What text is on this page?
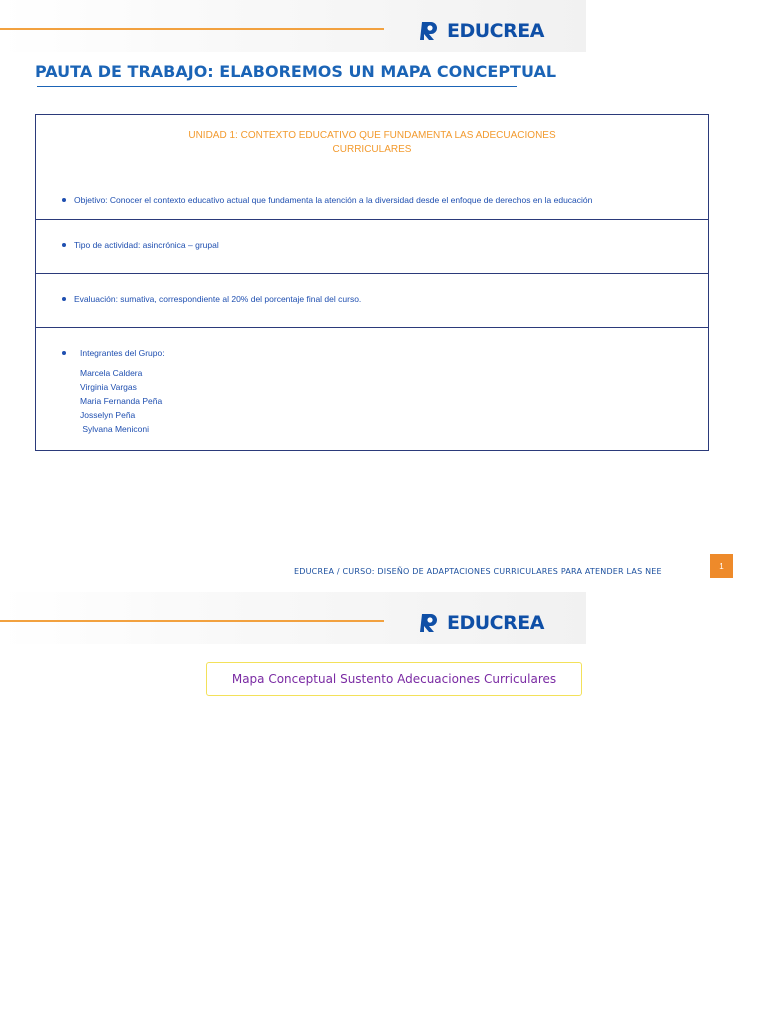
EDUCREA
PAUTA DE TRABAJO: ELABOREMOS UN MAPA CONCEPTUAL
UNIDAD 1: CONTEXTO EDUCATIVO QUE FUNDAMENTA LAS ADECUACIONES
CURRICULARES
Objetivo: Conocer el contexto educativo actual que fundamenta la atención a la diversidad desde el enfoque de derechos en la educación
Tipo de actividad: asincrónica – grupal
Evaluación: sumativa, correspondiente al 20% del porcentaje final del curso.
Integrantes del Grupo:
Marcela Caldera
Virginia Vargas
Maria Fernanda Peña
Josselyn Peña
Sylvana Meniconi
EDUCREA / CURSO: DISEÑO DE ADAPTACIONES CURRICULARES PARA ATENDER LAS NEE
1
EDUCREA
Mapa Conceptual Sustento Adecuaciones Curriculares
